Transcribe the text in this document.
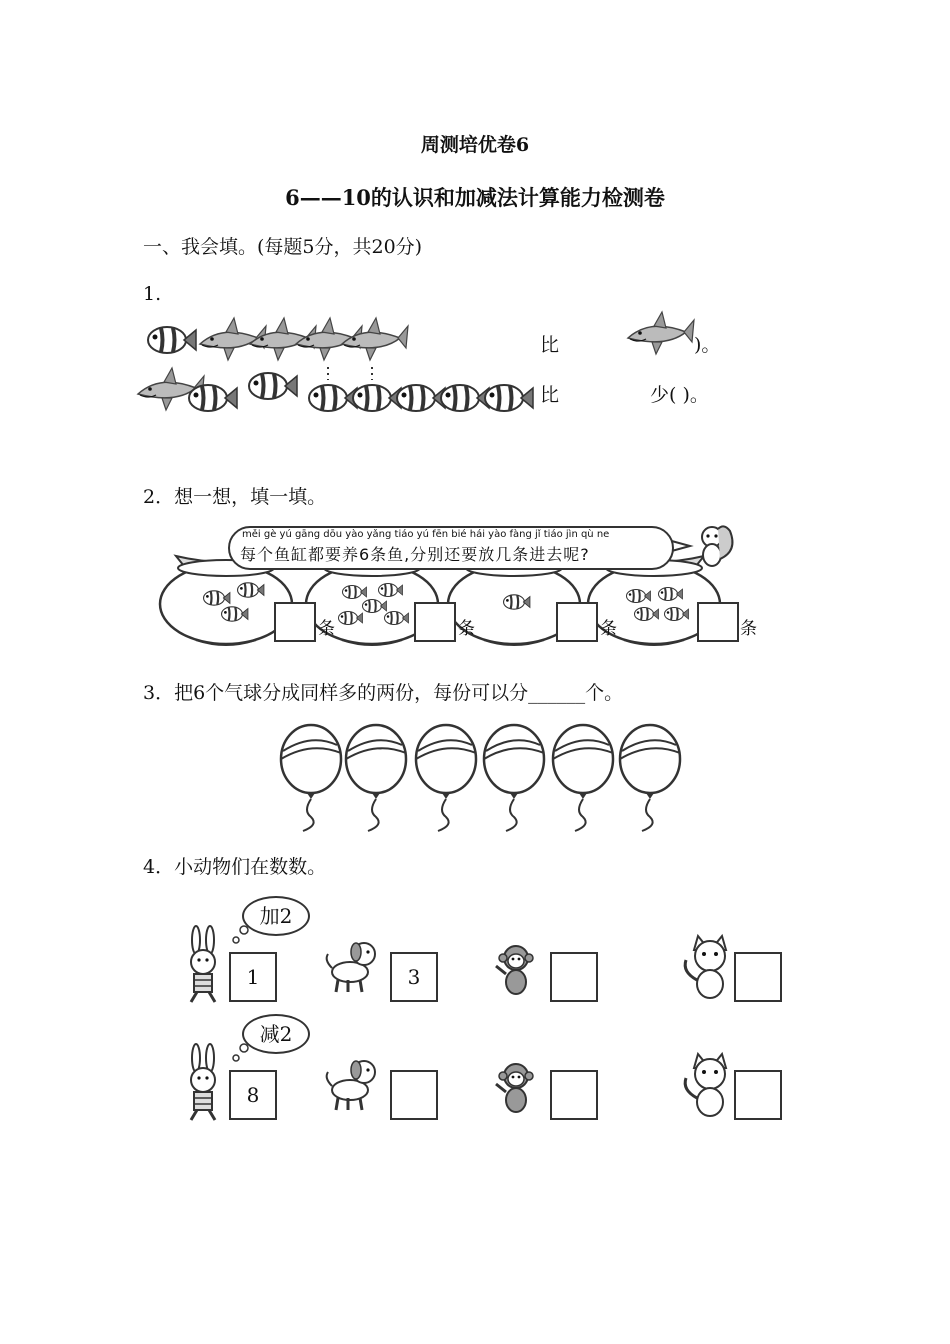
周测培优卷6
6——10的认识和加减法计算能力检测卷
一、我会填。(每题5分，共20分)
1.
比	)。
比	少( )。
2．想一想，填一填。
měi gè yú gāng dōu yào yǎng tiáo yú fēn bié hái yào fàng jǐ tiáo jìn qù ne
每个鱼缸都要养6条鱼,分别还要放几条进去呢?
条	条	条	条
3．把6个气球分成同样多的两份，每份可以分______个。
4．小动物们在数数。
加2
减2
1	3
8
